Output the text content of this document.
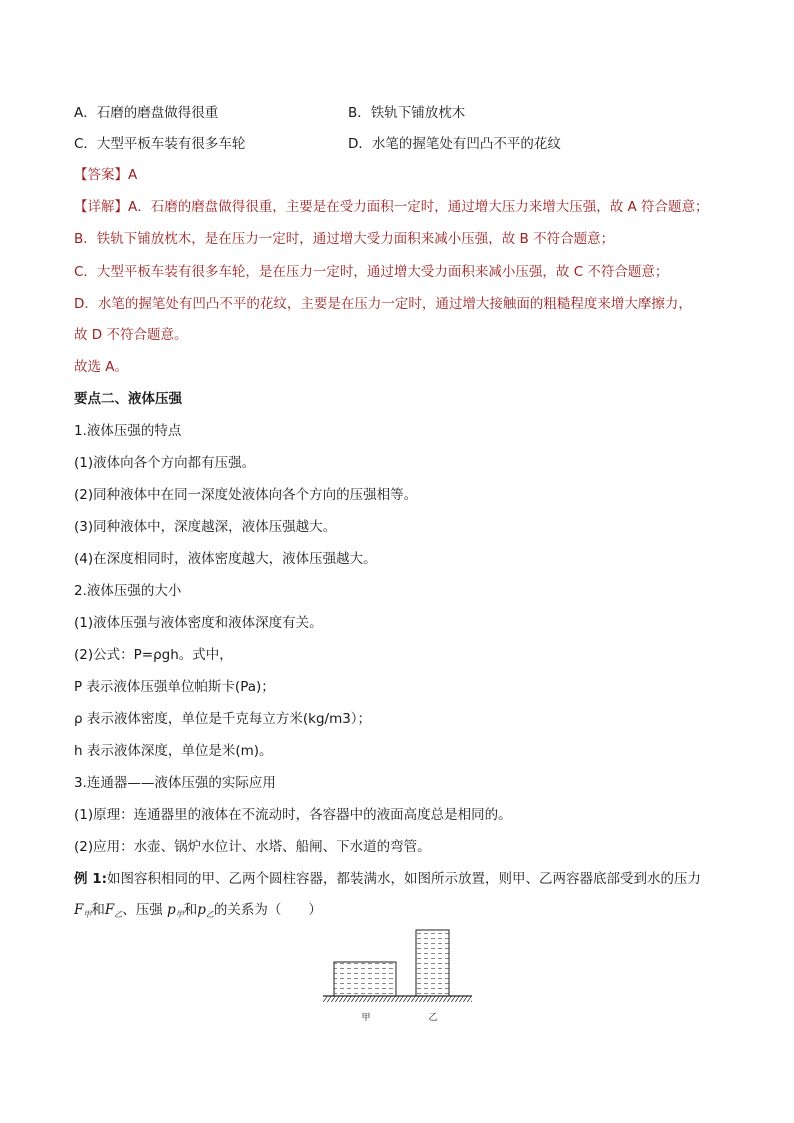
A．石磨的磨盘做得很重	B．铁轨下铺放枕木
C．大型平板车装有很多车轮	D．水笔的握笔处有凹凸不平的花纹
【答案】A
【详解】A．石磨的磨盘做得很重，主要是在受力面积一定时，通过增大压力来增大压强，故 A 符合题意；
B．铁轨下铺放枕木，是在压力一定时，通过增大受力面积来减小压强，故 B 不符合题意；
C．大型平板车装有很多车轮，是在压力一定时，通过增大受力面积来减小压强，故 C 不符合题意；
D．水笔的握笔处有凹凸不平的花纹，主要是在压力一定时，通过增大接触面的粗糙程度来增大摩擦力，
故 D 不符合题意。
故选 A。
要点二、液体压强
1.液体压强的特点
(1)液体向各个方向都有压强。
(2)同种液体中在同一深度处液体向各个方向的压强相等。
(3)同种液体中，深度越深，液体压强越大。
(4)在深度相同时，液体密度越大，液体压强越大。
2.液体压强的大小
(1)液体压强与液体密度和液体深度有关。
(2)公式：P=ρgh。式中，
P 表示液体压强单位帕斯卡(Pa)；
ρ 表示液体密度，单位是千克每立方米(kg/m3）；
h 表示液体深度，单位是米(m)。
3.连通器——液体压强的实际应用
(1)原理：连通器里的液体在不流动时，各容器中的液面高度总是相同的。
(2)应用：水壶、锅炉水位计、水塔、船闸、下水道的弯管。
例 1:如图容积相同的甲、乙两个圆柱容器，都装满水，如图所示放置，则甲、乙两容器底部受到水的压力
$F_甲$和$F_乙$、压强 $p_甲$和$p_乙$的关系为（　　）
甲	乙
